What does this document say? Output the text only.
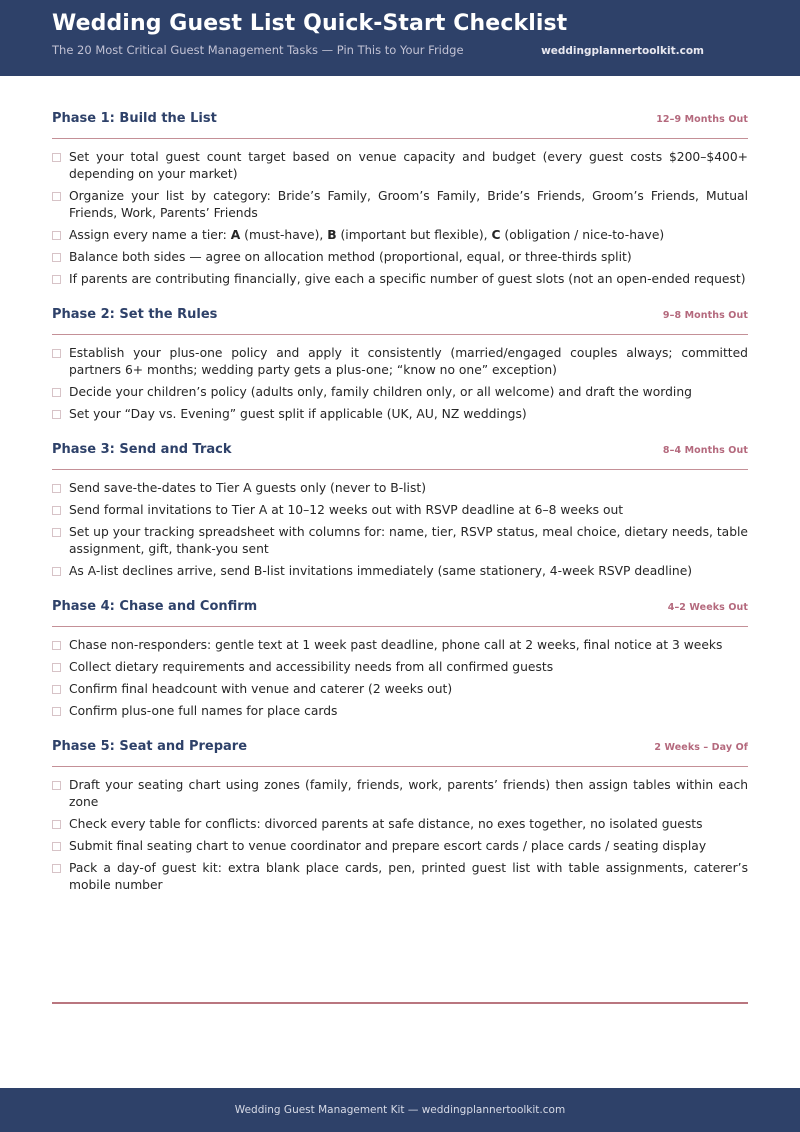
Wedding Guest List Quick-Start Checklist
The 20 Most Critical Guest Management Tasks — Pin This to Your Fridge	weddingplannertoolkit.com
Phase 1: Build the List	12–9 Months Out
Set your total guest count target based on venue capacity and budget (every guest costs $200–$400+ depending on your market)
Organize your list by category: Bride’s Family, Groom’s Family, Bride’s Friends, Groom’s Friends, Mutual Friends, Work, Parents’ Friends
Assign every name a tier: A (must-have), B (important but flexible), C (obligation / nice-to-have)
Balance both sides — agree on allocation method (proportional, equal, or three-thirds split)
If parents are contributing financially, give each a specific number of guest slots (not an open-ended request)
Phase 2: Set the Rules	9–8 Months Out
Establish your plus-one policy and apply it consistently (married/engaged couples always; committed partners 6+ months; wedding party gets a plus-one; “know no one” exception)
Decide your children’s policy (adults only, family children only, or all welcome) and draft the wording
Set your “Day vs. Evening” guest split if applicable (UK, AU, NZ weddings)
Phase 3: Send and Track	8–4 Months Out
Send save-the-dates to Tier A guests only (never to B-list)
Send formal invitations to Tier A at 10–12 weeks out with RSVP deadline at 6–8 weeks out
Set up your tracking spreadsheet with columns for: name, tier, RSVP status, meal choice, dietary needs, table assignment, gift, thank-you sent
As A-list declines arrive, send B-list invitations immediately (same stationery, 4-week RSVP deadline)
Phase 4: Chase and Confirm	4–2 Weeks Out
Chase non-responders: gentle text at 1 week past deadline, phone call at 2 weeks, final notice at 3 weeks
Collect dietary requirements and accessibility needs from all confirmed guests
Confirm final headcount with venue and caterer (2 weeks out)
Confirm plus-one full names for place cards
Phase 5: Seat and Prepare	2 Weeks – Day Of
Draft your seating chart using zones (family, friends, work, parents’ friends) then assign tables within each zone
Check every table for conflicts: divorced parents at safe distance, no exes together, no isolated guests
Submit final seating chart to venue coordinator and prepare escort cards / place cards / seating display
Pack a day-of guest kit: extra blank place cards, pen, printed guest list with table assignments, caterer’s mobile number
Wedding Guest Management Kit — weddingplannertoolkit.com
